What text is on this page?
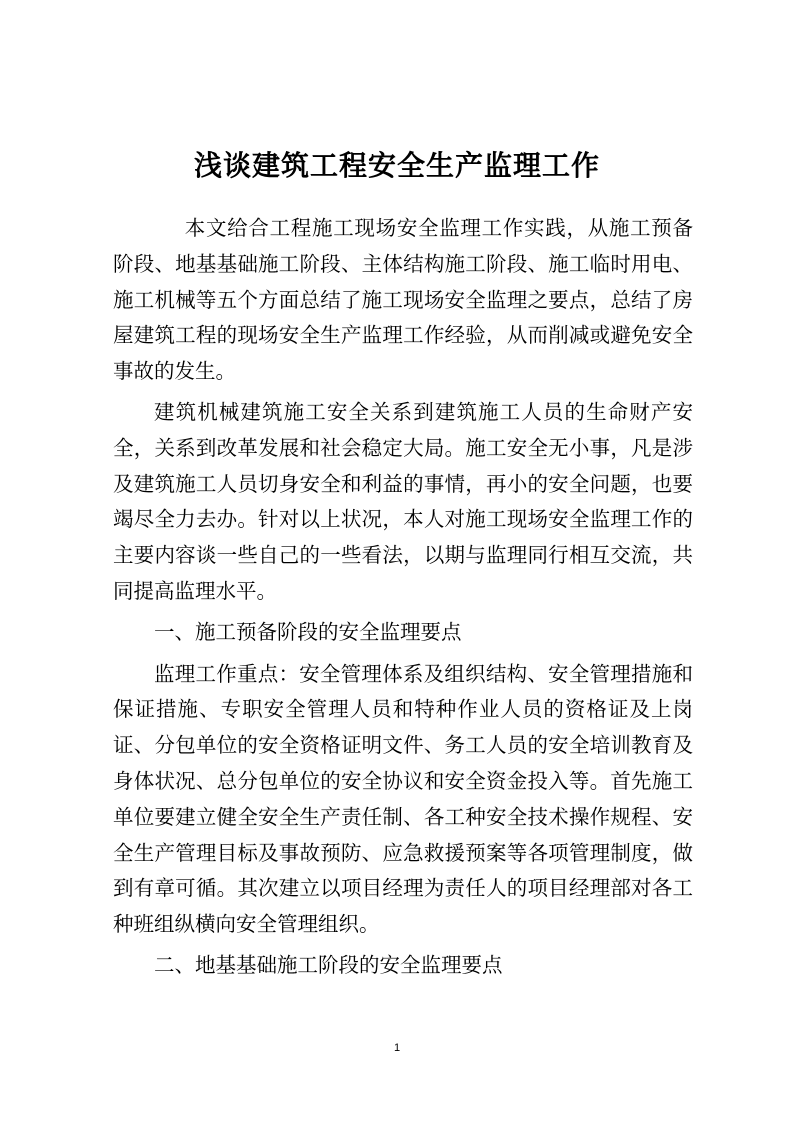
浅谈建筑工程安全生产监理工作

本文给合工程施工现场安全监理工作实践，从施工预备阶段、地基基础施工阶段、主体结构施工阶段、施工临时用电、施工机械等五个方面总结了施工现场安全监理之要点，总结了房屋建筑工程的现场安全生产监理工作经验，从而削减或避免安全事故的发生。

建筑机械建筑施工安全关系到建筑施工人员的生命财产安全，关系到改革发展和社会稳定大局。施工安全无小事，凡是涉及建筑施工人员切身安全和利益的事情，再小的安全问题，也要竭尽全力去办。针对以上状况，本人对施工现场安全监理工作的主要内容谈一些自己的一些看法，以期与监理同行相互交流，共同提高监理水平。

一、施工预备阶段的安全监理要点

监理工作重点：安全管理体系及组织结构、安全管理措施和保证措施、专职安全管理人员和特种作业人员的资格证及上岗证、分包单位的安全资格证明文件、务工人员的安全培训教育及身体状况、总分包单位的安全协议和安全资金投入等。首先施工单位要建立健全安全生产责任制、各工种安全技术操作规程、安全生产管理目标及事故预防、应急救援预案等各项管理制度，做到有章可循。其次建立以项目经理为责任人的项目经理部对各工种班组纵横向安全管理组织。

二、地基基础施工阶段的安全监理要点

1
